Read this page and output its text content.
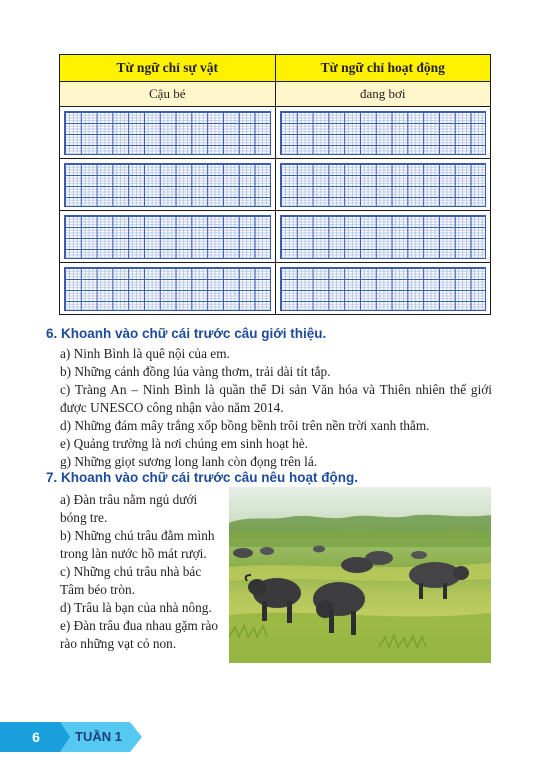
Từ ngữ chỉ sự vật	Từ ngữ chỉ hoạt động
Cậu bé	đang bơi

6. Khoanh vào chữ cái trước câu giới thiệu.

a) Ninh Bình là quê nội của em.

b) Những cánh đồng lúa vàng thơm, trải dài tít tắp.

c) Tràng An – Ninh Bình là quần thể Di sản Văn hóa và Thiên nhiên thế giới được UNESCO công nhận vào năm 2014.

d) Những đám mây trắng xốp bồng bềnh trôi trên nền trời xanh thẳm.

e) Quảng trường là nơi chúng em sinh hoạt hè.

g) Những giọt sương long lanh còn đọng trên lá.

7. Khoanh vào chữ cái trước câu nêu hoạt động.

a) Đàn trâu nằm ngủ dưới bóng tre.

b) Những chú trâu đằm mình trong làn nước hồ mát rượi.

c) Những chú trâu nhà bác Tâm béo tròn.

d) Trâu là bạn của nhà nông.

e) Đàn trâu đua nhau gặm rào rào những vạt cỏ non.

6	TUẦN 1
